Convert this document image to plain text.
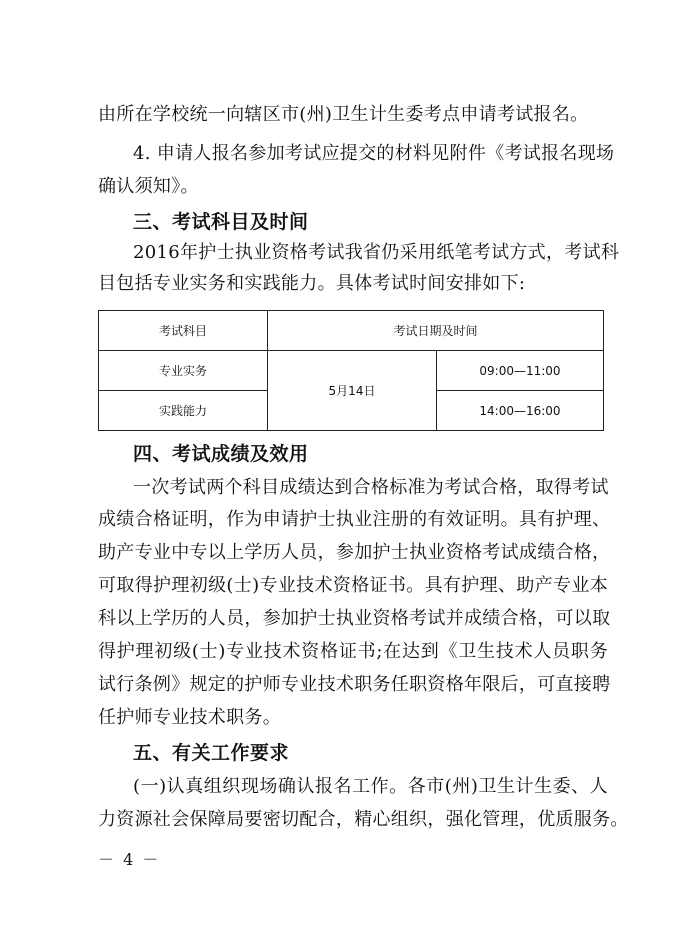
由所在学校统一向辖区市(州)卫生计生委考点申请考试报名。
4. 申请人报名参加考试应提交的材料见附件《考试报名现场
确认须知》。
三、考试科目及时间
2016年护士执业资格考试我省仍采用纸笔考试方式，考试科
目包括专业实务和实践能力。具体考试时间安排如下:
考试科目	考试日期及时间	
专业实务	5月14日	09:00—11:00
实践能力		14:00—16:00
四、考试成绩及效用
一次考试两个科目成绩达到合格标准为考试合格，取得考试
成绩合格证明，作为申请护士执业注册的有效证明。具有护理、
助产专业中专以上学历人员，参加护士执业资格考试成绩合格，
可取得护理初级(士)专业技术资格证书。具有护理、助产专业本
科以上学历的人员，参加护士执业资格考试并成绩合格，可以取
得护理初级(士)专业技术资格证书;在达到《卫生技术人员职务
试行条例》规定的护师专业技术职务任职资格年限后，可直接聘
任护师专业技术职务。
五、有关工作要求
(一)认真组织现场确认报名工作。各市(州)卫生计生委、人
力资源社会保障局要密切配合，精心组织，强化管理，优质服务。
－ 4 －
